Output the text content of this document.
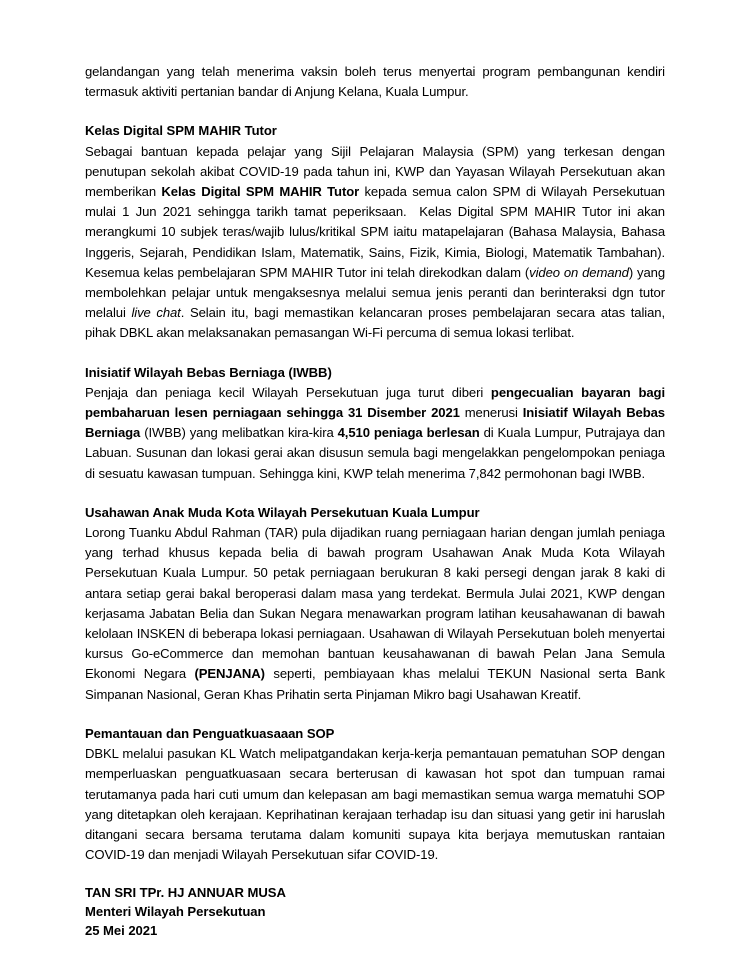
gelandangan yang telah menerima vaksin boleh terus menyertai program pembangunan kendiri termasuk aktiviti pertanian bandar di Anjung Kelana, Kuala Lumpur.

Kelas Digital SPM MAHIR Tutor

Sebagai bantuan kepada pelajar yang Sijil Pelajaran Malaysia (SPM) yang terkesan dengan penutupan sekolah akibat COVID-19 pada tahun ini, KWP dan Yayasan Wilayah Persekutuan akan memberikan Kelas Digital SPM MAHIR Tutor kepada semua calon SPM di Wilayah Persekutuan mulai 1 Jun 2021 sehingga tarikh tamat peperiksaan.  Kelas Digital SPM MAHIR Tutor ini akan merangkumi 10 subjek teras/wajib lulus/kritikal SPM iaitu matapelajaran (Bahasa Malaysia, Bahasa Inggeris, Sejarah, Pendidikan Islam, Matematik, Sains, Fizik, Kimia, Biologi, Matematik Tambahan). Kesemua kelas pembelajaran SPM MAHIR Tutor ini telah direkodkan dalam (video on demand) yang membolehkan pelajar untuk mengaksesnya melalui semua jenis peranti dan berinteraksi dgn tutor melalui live chat. Selain itu, bagi memastikan kelancaran proses pembelajaran secara atas talian, pihak DBKL akan melaksanakan pemasangan Wi-Fi percuma di semua lokasi terlibat.

Inisiatif Wilayah Bebas Berniaga (IWBB)

Penjaja dan peniaga kecil Wilayah Persekutuan juga turut diberi pengecualian bayaran bagi pembaharuan lesen perniagaan sehingga 31 Disember 2021 menerusi Inisiatif Wilayah Bebas Berniaga (IWBB) yang melibatkan kira-kira 4,510 peniaga berlesan di Kuala Lumpur, Putrajaya dan Labuan. Susunan dan lokasi gerai akan disusun semula bagi mengelakkan pengelompokan peniaga di sesuatu kawasan tumpuan. Sehingga kini, KWP telah menerima 7,842 permohonan bagi IWBB.

Usahawan Anak Muda Kota Wilayah Persekutuan Kuala Lumpur

Lorong Tuanku Abdul Rahman (TAR) pula dijadikan ruang perniagaan harian dengan jumlah peniaga yang terhad khusus kepada belia di bawah program Usahawan Anak Muda Kota Wilayah Persekutuan Kuala Lumpur. 50 petak perniagaan berukuran 8 kaki persegi dengan jarak 8 kaki di antara setiap gerai bakal beroperasi dalam masa yang terdekat. Bermula Julai 2021, KWP dengan kerjasama Jabatan Belia dan Sukan Negara menawarkan program latihan keusahawanan di bawah kelolaan INSKEN di beberapa lokasi perniagaan. Usahawan di Wilayah Persekutuan boleh menyertai kursus Go-eCommerce dan memohan bantuan keusahawanan di bawah Pelan Jana Semula Ekonomi Negara (PENJANA) seperti, pembiayaan khas melalui TEKUN Nasional serta Bank Simpanan Nasional, Geran Khas Prihatin serta Pinjaman Mikro bagi Usahawan Kreatif.

Pemantauan dan Penguatkuasaaan SOP

DBKL melalui pasukan KL Watch melipatgandakan kerja-kerja pemantauan pematuhan SOP dengan memperluaskan penguatkuasaan secara berterusan di kawasan hot spot dan tumpuan ramai terutamanya pada hari cuti umum dan kelepasan am bagi memastikan semua warga mematuhi SOP yang ditetapkan oleh kerajaan. Keprihatinan kerajaan terhadap isu dan situasi yang getir ini haruslah ditangani secara bersama terutama dalam komuniti supaya kita berjaya memutuskan rantaian COVID-19 dan menjadi Wilayah Persekutuan sifar COVID-19.

TAN SRI TPr. HJ ANNUAR MUSA

Menteri Wilayah Persekutuan

25 Mei 2021
